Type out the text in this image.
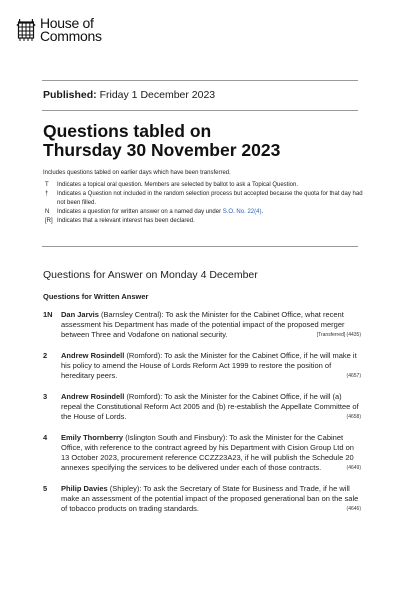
House of
Commons
Published: Friday 1 December 2023
Questions tabled on
Thursday 30 November 2023
Includes questions tabled on earlier days which have been transferred.
T	Indicates a topical oral question. Members are selected by ballot to ask a Topical Question.
†	Indicates a Question not included in the random selection process but accepted because the quota for that day had not been filled.
N	Indicates a question for written answer on a named day under S.O. No. 22(4).
[R] Indicates that a relevant interest has been declared.
Questions for Answer on Monday 4 December
Questions for Written Answer
1N	Dan Jarvis (Barnsley Central): To ask the Minister for the Cabinet Office, what recent assessment his Department has made of the potential impact of the proposed merger between Three and Vodafone on national security.	[Transferred] (4435)
2	Andrew Rosindell (Romford): To ask the Minister for the Cabinet Office, if he will make it his policy to amend the House of Lords Reform Act 1999 to restore the position of hereditary peers.	(4657)
3	Andrew Rosindell (Romford): To ask the Minister for the Cabinet Office, if he will (a) repeal the Constitutional Reform Act 2005 and (b) re-establish the Appellate Committee of the House of Lords.	(4658)
4	Emily Thornberry (Islington South and Finsbury): To ask the Minister for the Cabinet Office, with reference to the contract agreed by his Department with Cision Group Ltd on 13 October 2023, procurement reference CCZZ23A23, if he will publish the Schedule 20 annexes specifying the services to be delivered under each of those contracts.	(4649)
5	Philip Davies (Shipley): To ask the Secretary of State for Business and Trade, if he will make an assessment of the potential impact of the proposed generational ban on the sale of tobacco products on trading standards.	(4646)
